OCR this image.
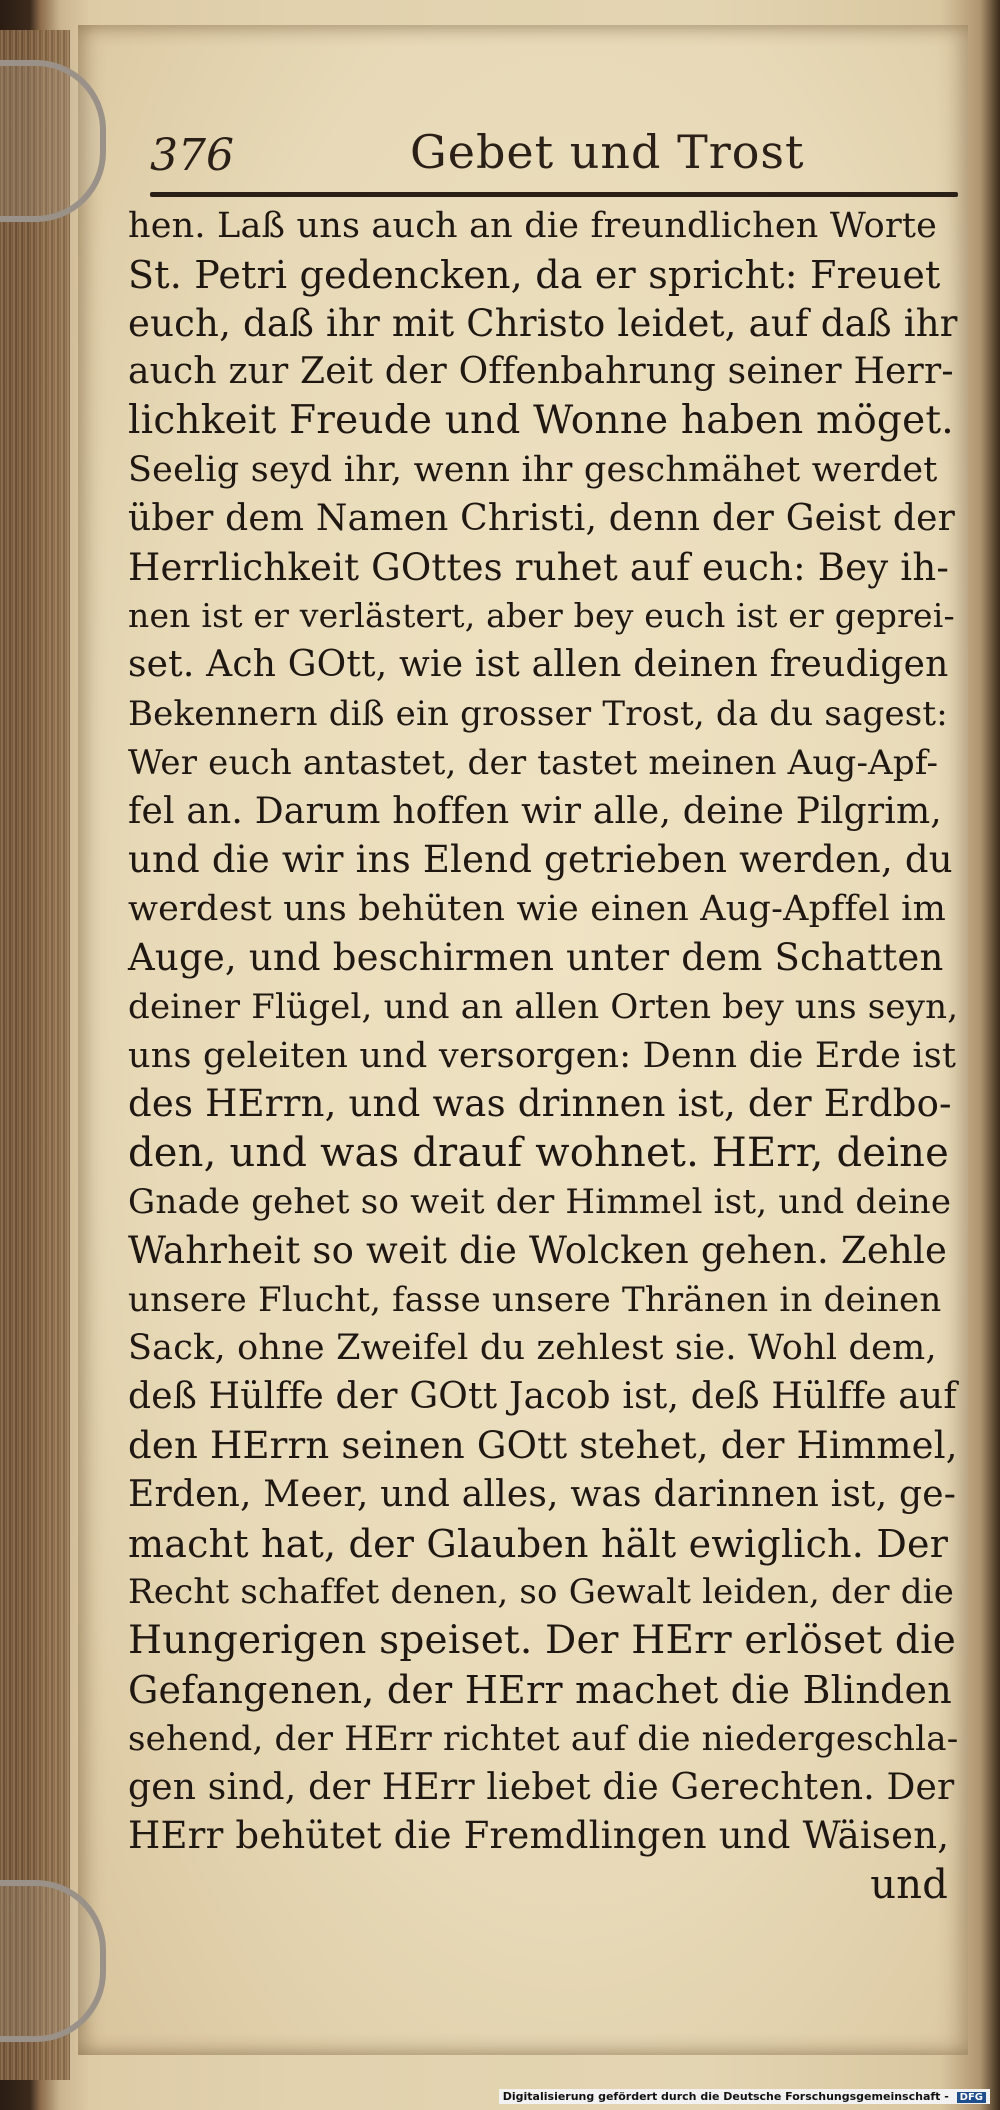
376	Gebet und Trost
hen. Laß uns auch an die freundlichen Worte
St. Petri gedencken, da er spricht: Freuet
euch, daß ihr mit Christo leidet, auf daß ihr
auch zur Zeit der Offenbahrung seiner Herr-
lichkeit Freude und Wonne haben möget.
Seelig seyd ihr, wenn ihr geschmähet werdet
über dem Namen Christi, denn der Geist der
Herrlichkeit GOttes ruhet auf euch: Bey ih-
nen ist er verlästert, aber bey euch ist er geprei-
set. Ach GOtt, wie ist allen deinen freudigen
Bekennern diß ein grosser Trost, da du sagest:
Wer euch antastet, der tastet meinen Aug-Apf-
fel an. Darum hoffen wir alle, deine Pilgrim,
und die wir ins Elend getrieben werden, du
werdest uns behüten wie einen Aug-Apffel im
Auge, und beschirmen unter dem Schatten
deiner Flügel, und an allen Orten bey uns seyn,
uns geleiten und versorgen: Denn die Erde ist
des HErrn, und was drinnen ist, der Erdbo-
den, und was drauf wohnet. HErr, deine
Gnade gehet so weit der Himmel ist, und deine
Wahrheit so weit die Wolcken gehen. Zehle
unsere Flucht, fasse unsere Thränen in deinen
Sack, ohne Zweifel du zehlest sie. Wohl dem,
deß Hülffe der GOtt Jacob ist, deß Hülffe auf
den HErrn seinen GOtt stehet, der Himmel,
Erden, Meer, und alles, was darinnen ist, ge-
macht hat, der Glauben hält ewiglich. Der
Recht schaffet denen, so Gewalt leiden, der die
Hungerigen speiset. Der HErr erlöset die
Gefangenen, der HErr machet die Blinden
sehend, der HErr richtet auf die niedergeschla-
gen sind, der HErr liebet die Gerechten. Der
HErr behütet die Fremdlingen und Wäisen,
und
Digitalisierung gefördert durch die Deutsche Forschungsgemeinschaft - DFG
